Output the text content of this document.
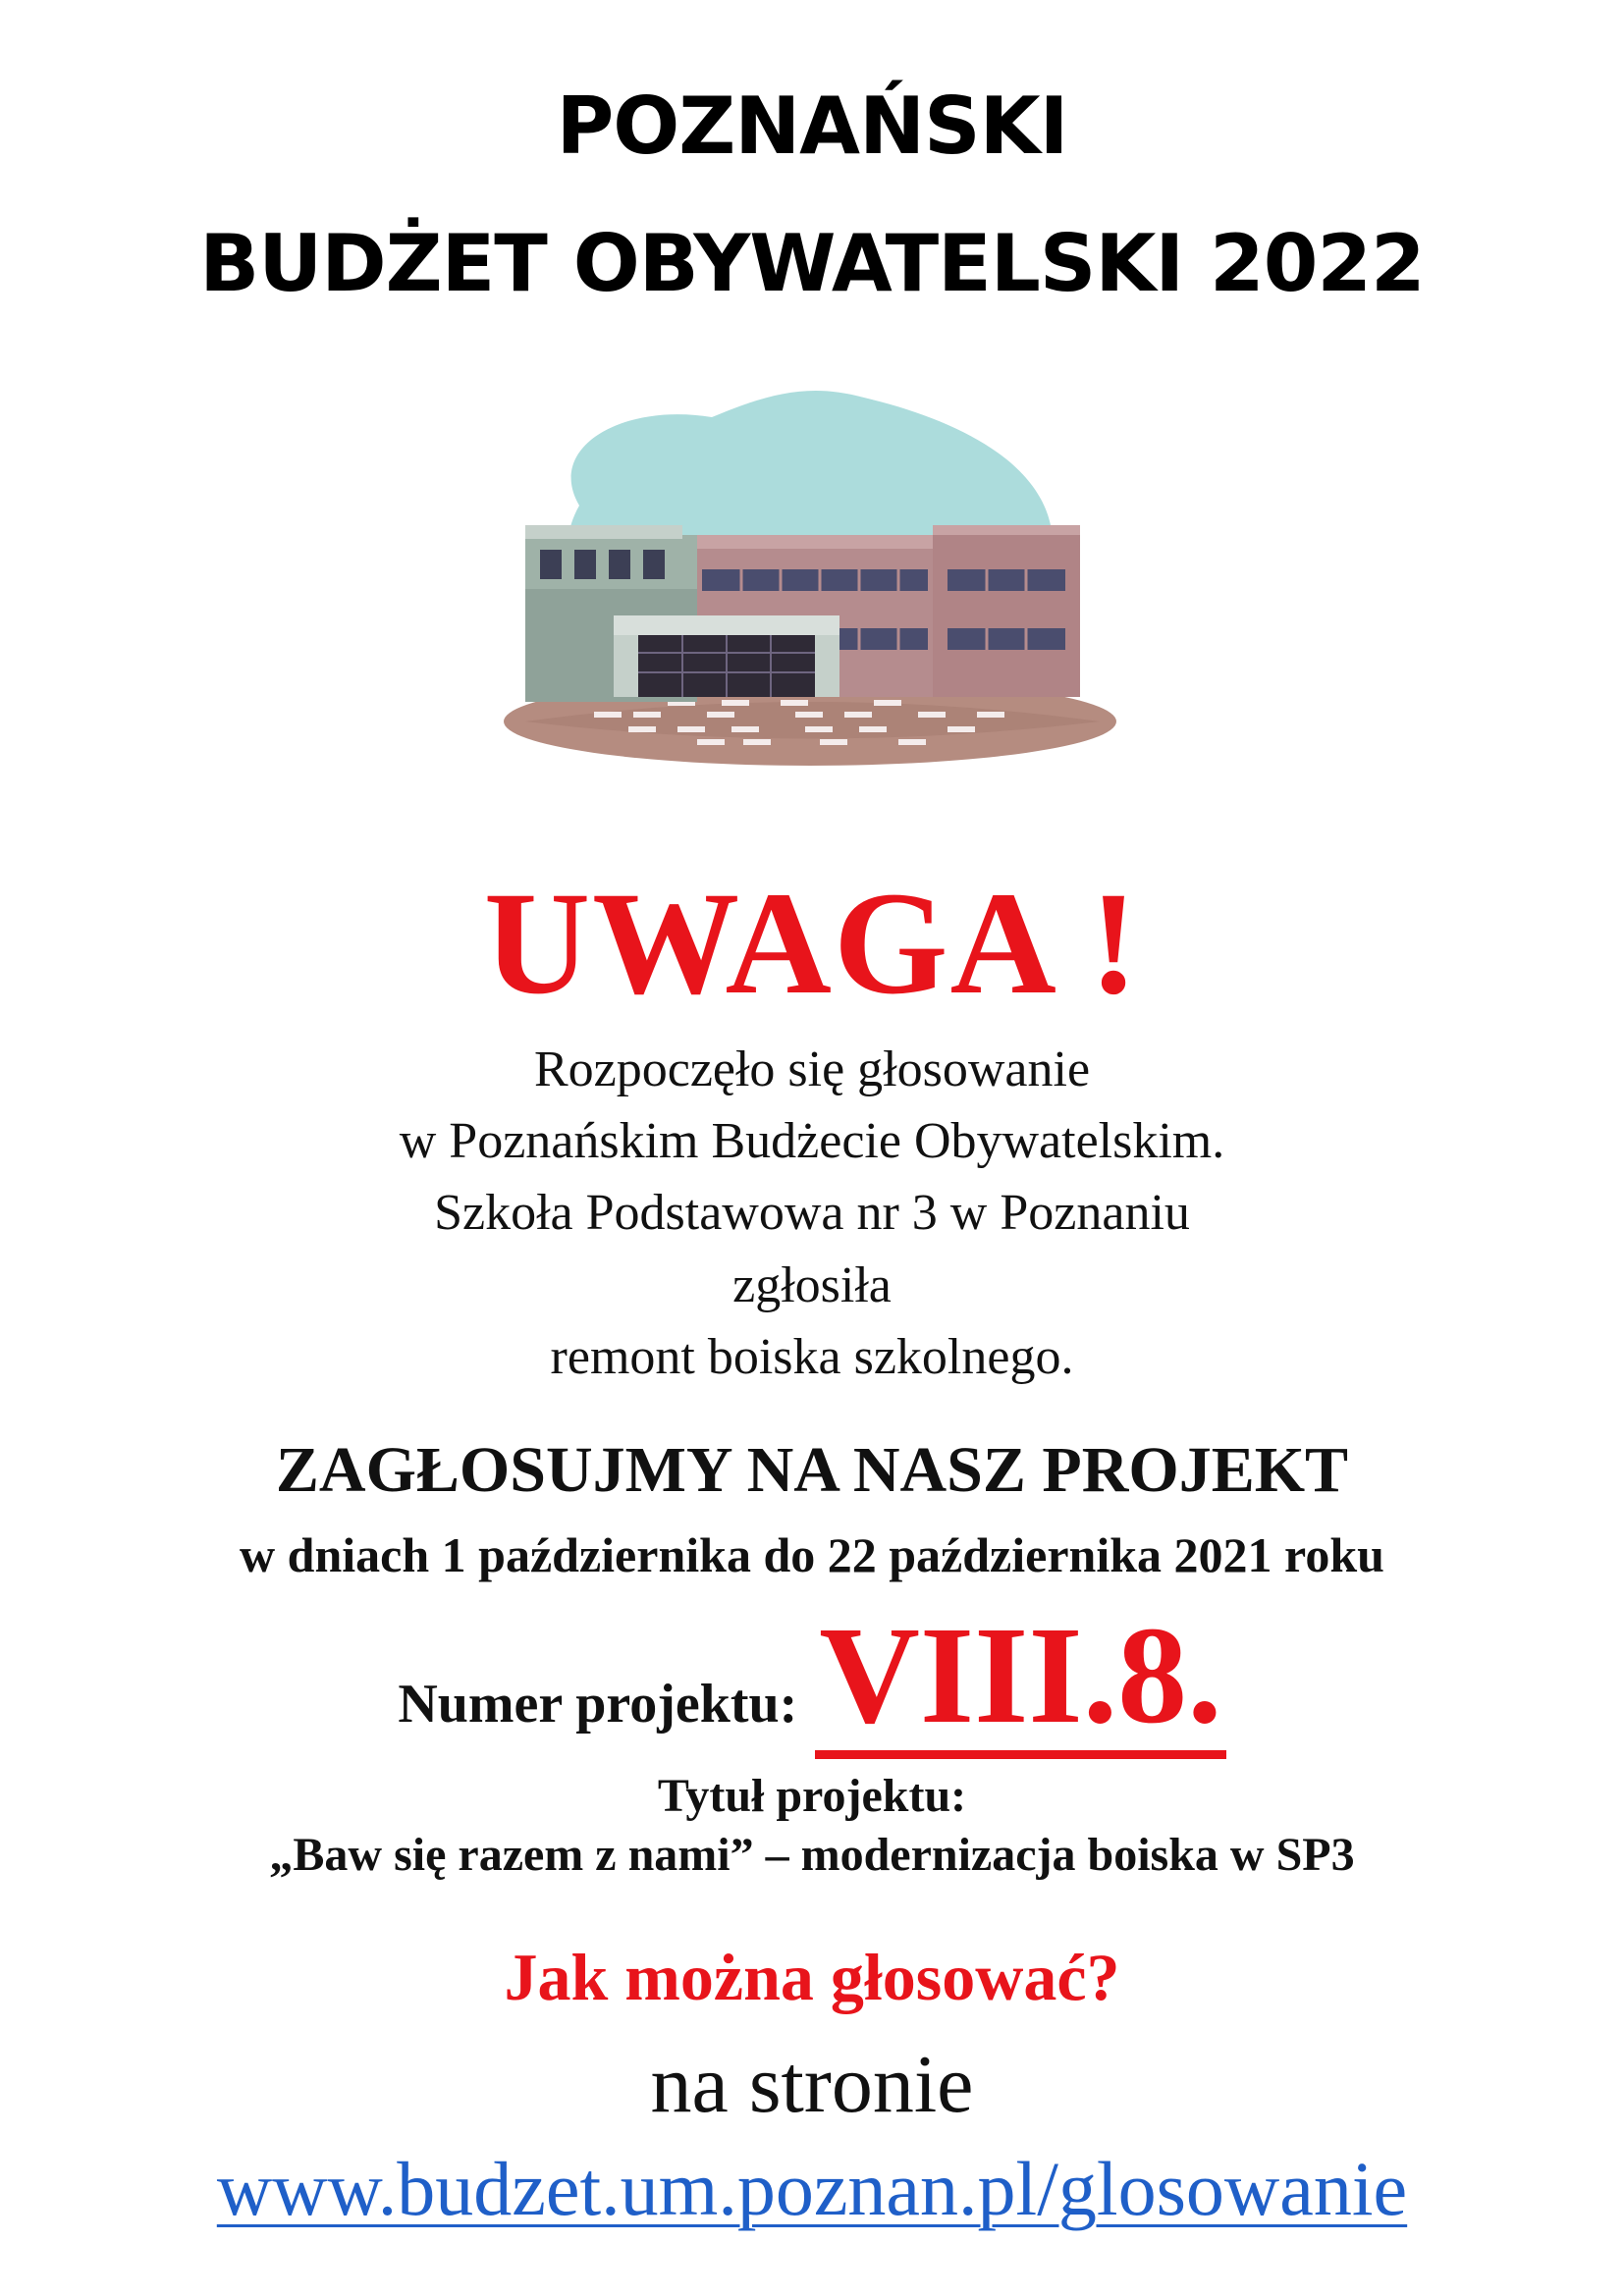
POZNAŃSKI
BUDŻET OBYWATELSKI 2022
UWAGA !
Rozpoczęło się głosowanie
w Poznańskim Budżecie Obywatelskim.
Szkoła Podstawowa nr 3 w Poznaniu
zgłosiła
remont boiska szkolnego.
ZAGŁOSUJMY NA NASZ PROJEKT
w dniach 1 października do 22 października 2021 roku
Numer projektu: VIII.8.
Tytuł projektu:
„Baw się razem z nami” – modernizacja boiska w SP3
Jak można głosować?
na stronie
www.budzet.um.poznan.pl/glosowanie
